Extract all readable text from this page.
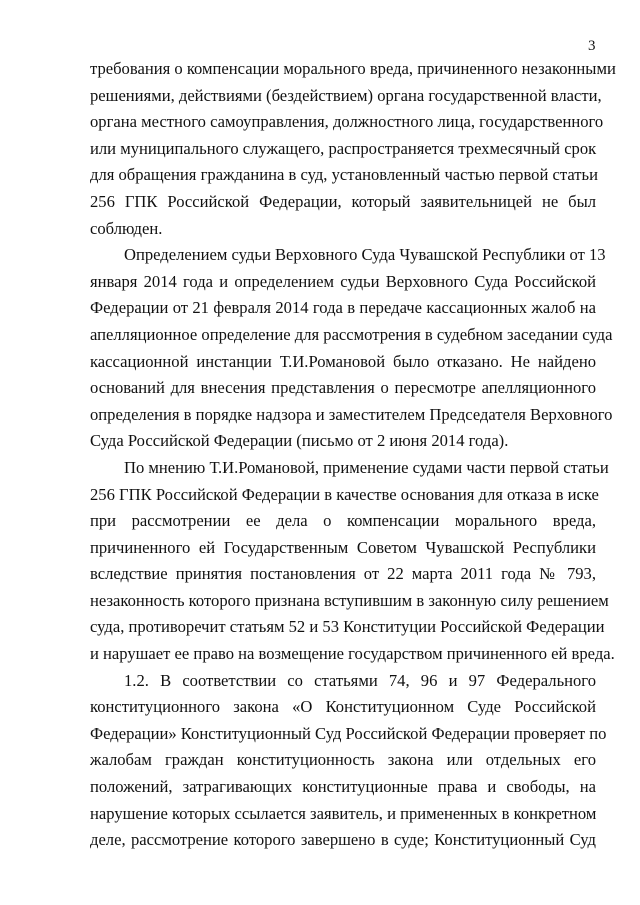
3

требования о компенсации морального вреда, причиненного незаконными
решениями, действиями (бездействием) органа государственной власти,
органа местного самоуправления, должностного лица, государственного
или муниципального служащего, распространяется трехмесячный срок
для обращения гражданина в суд, установленный частью первой статьи
256 ГПК Российской Федерации, который заявительницей не был
соблюден.
Определением судьи Верховного Суда Чувашской Республики от 13
января 2014 года и определением судьи Верховного Суда Российской
Федерации от 21 февраля 2014 года в передаче кассационных жалоб на
апелляционное определение для рассмотрения в судебном заседании суда
кассационной инстанции Т.И.Романовой было отказано. Не найдено
оснований для внесения представления о пересмотре апелляционного
определения в порядке надзора и заместителем Председателя Верховного
Суда Российской Федерации (письмо от 2 июня 2014 года).
По мнению Т.И.Романовой, применение судами части первой статьи
256 ГПК Российской Федерации в качестве основания для отказа в иске
при рассмотрении ее дела о компенсации морального вреда,
причиненного ей Государственным Советом Чувашской Республики
вследствие принятия постановления от 22 марта 2011 года № 793,
незаконность которого признана вступившим в законную силу решением
суда, противоречит статьям 52 и 53 Конституции Российской Федерации
и нарушает ее право на возмещение государством причиненного ей вреда.
1.2. В соответствии со статьями 74, 96 и 97 Федерального
конституционного закона «О Конституционном Суде Российской
Федерации» Конституционный Суд Российской Федерации проверяет по
жалобам граждан конституционность закона или отдельных его
положений, затрагивающих конституционные права и свободы, на
нарушение которых ссылается заявитель, и примененных в конкретном
деле, рассмотрение которого завершено в суде; Конституционный Суд
